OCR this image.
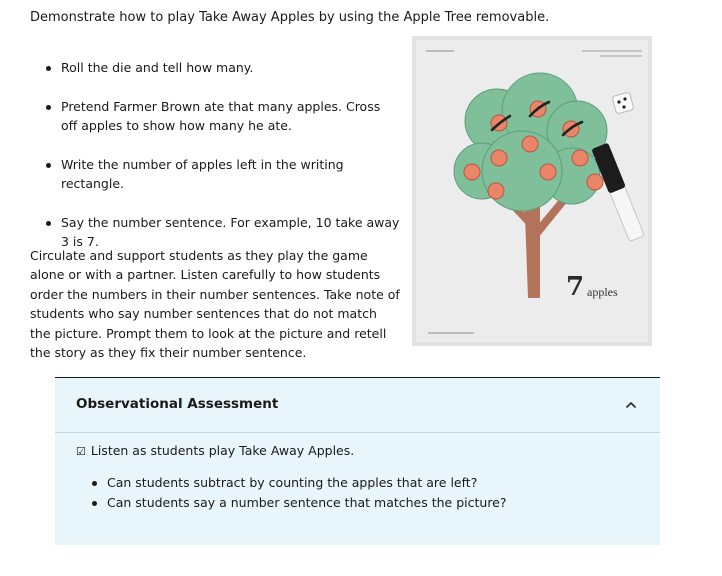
Demonstrate how to play Take Away Apples by using the Apple Tree removable.

Roll the die and tell how many.
Pretend Farmer Brown ate that many apples. Cross off apples to show how many he ate.
Write the number of apples left in the writing rectangle.
Say the number sentence. For example, 10 take away 3 is 7.

Circulate and support students as they play the game alone or with a partner. Listen carefully to how students order the numbers in their number sentences. Take note of students who say number sentences that do not match the picture. Prompt them to look at the picture and retell the story as they fix their number sentence.

7 apples
Observational Assessment
☑ Listen as students play Take Away Apples.
Can students subtract by counting the apples that are left?
Can students say a number sentence that matches the picture?
